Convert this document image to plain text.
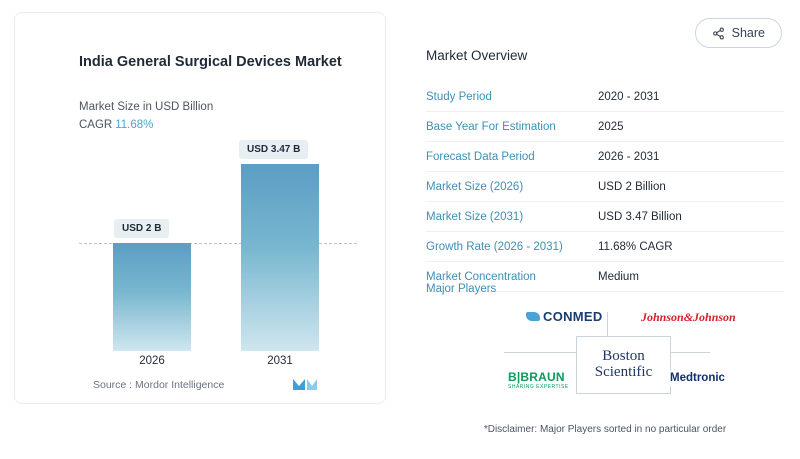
Share
India General Surgical Devices Market
Market Size in USD Billion
CAGR 11.68%
USD 2 B
USD 3.47 B
2026	2031
Source : Mordor Intelligence
Market Overview
Study Period	2020 - 2031
Base Year For Estimation	2025
Forecast Data Period	2026 - 2031
Market Size (2026)	USD 2 Billion
Market Size (2031)	USD 3.47 Billion
Growth Rate (2026 - 2031)	11.68% CAGR
Market Concentration	Medium
Major Players
Boston
Scientific
CONMED	Johnson&Johnson
B|BRAUN
SHARING EXPERTISE
Medtronic
*Disclaimer: Major Players sorted in no particular order
